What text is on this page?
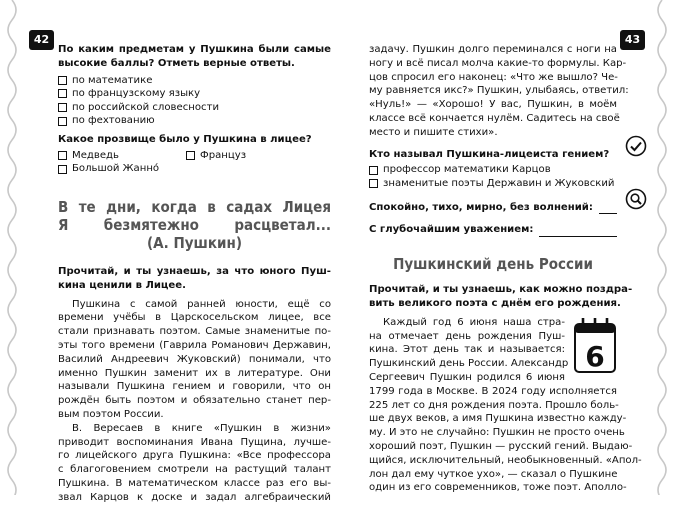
42	43
По каким предметам у Пушкина были самые
высокие баллы? Отметь верные ответы.
по математике
по французскому языку
по российской словесности
по фехтованию
Какое прозвище было у Пушкина в лицее?
Медведь	Француз
Большой Жанно́
В те дни, когда в садах Лицея
Я безмятежно расцветал...
(А. Пушкин)
Прочитай, и ты узнаешь, за что юного Пуш-
кина ценили в Лицее.
Пушкина с самой ранней юности, ещё со
времени учёбы в Царскосельском лицее, все
стали признавать поэтом. Самые знаменитые по-
эты того времени (Гаврила Романович Державин,
Василий Андреевич Жуковский) понимали, что
именно Пушкин заменит их в литературе. Они
называли Пушкина гением и говорили, что он
рождён быть поэтом и обязательно станет пер-
вым поэтом России.
В. Вересаев в книге «Пушкин в жизни»
приводит воспоминания Ивана Пущина, лучше-
го лицейского друга Пушкина: «Все профессора
с благоговением смотрели на растущий талант
Пушкина. В математическом классе раз его вы-
звал Карцов к доске и задал алгебраический
задачу. Пушкин долго переминался с ноги на
ногу и всё писал молча какие-то формулы. Кар-
цов спросил его наконец: «Что же вышло? Че-
му равняется икс?» Пушкин, улыбаясь, ответил:
«Нуль!» — «Хорошо! У вас, Пушкин, в моём
классе всё кончается нулём. Садитесь на своё
место и пишите стихи».
Кто называл Пушкина-лицеиста гением?
профессор математики Карцов
знаменитые поэты Державин и Жуковский
Спокойно, тихо, мирно, без волнений:
С глубочайшим уважением:
Пушкинский день России
Прочитай, и ты узнаешь, как можно поздра-
вить великого поэта с днём его рождения.
6
Каждый год 6 июня наша стра-
на отмечает день рождения Пуш-
кина. Этот день так и называется:
Пушкинский день России. Александр
Сергеевич Пушкин родился 6 июня
1799 года в Москве. В 2024 году исполняется
225 лет со дня рождения поэта. Прошло боль-
ше двух веков, а имя Пушкина известно кажду-
му. И это не случайно: Пушкин не просто очень
хороший поэт, Пушкин — русский гений. Выдаю-
щийся, исключительный, необыкновенный. «Апол-
лон дал ему чуткое ухо», — сказал о Пушкине
один из его современников, тоже поэт. Аполло-
